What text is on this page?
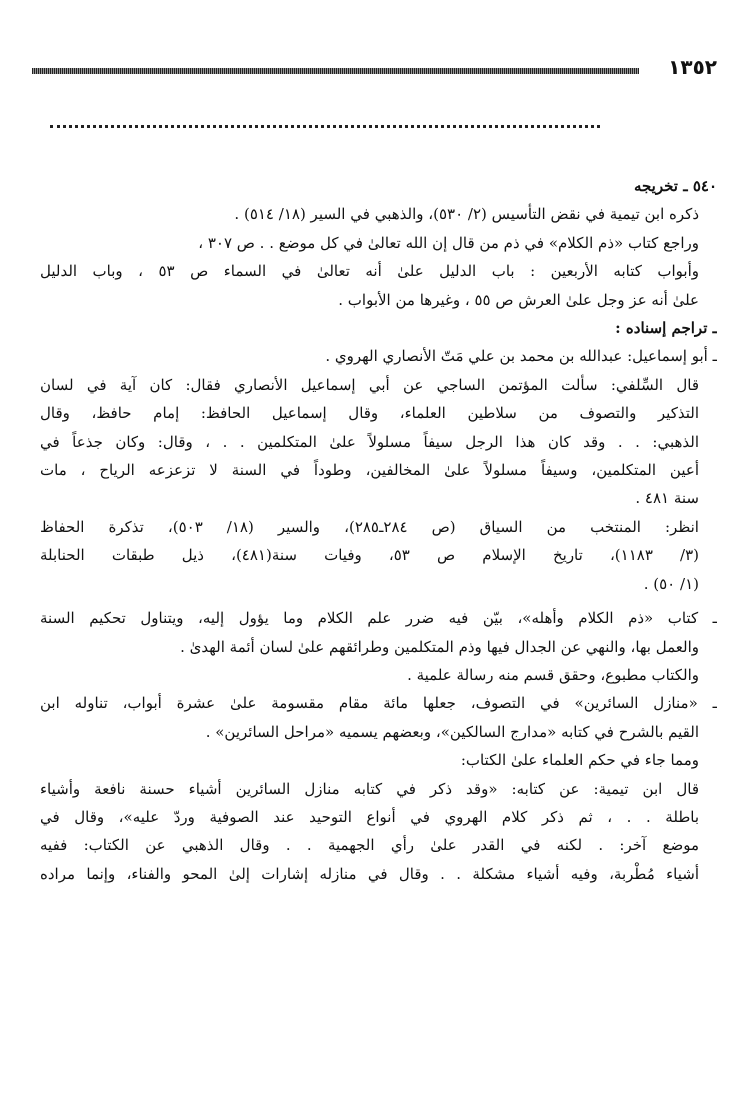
١٣٥٢
٥٤٠ ـ تخريجه
ذكره ابن تيمية في نقض التأسيس (٢/ ٥٣٠)، والذهبي في السير (١٨/ ٥١٤) .
وراجع كتاب «ذم الكلام» في ذم من قال إن الله تعالىٰ في كل موضع . . ص ٣٠٧ ،
وأبواب كتابه الأربعين : باب الدليل علىٰ أنه تعالىٰ في السماء ص ٥٣ ، وباب الدليل
علىٰ أنه عز وجل علىٰ العرش ص ٥٥ ، وغيرها من الأبواب .
ـ تراجم إسناده :
ـ أبو إسماعيل: عبدالله بن محمد بن علي مَتّ الأنصاري الهروي .
قال السِّلفي: سألت المؤتمن الساجي عن أبي إسماعيل الأنصاري فقال: كان آية في لسان
التذكير والتصوف من سلاطين العلماء، وقال إسماعيل الحافظ: إمام حافظ، وقال
الذهبي: . . وقد كان هذا الرجل سيفاً مسلولاً علىٰ المتكلمين . . ، وقال: وكان جذعاً في
أعين المتكلمين، وسيفاً مسلولاً علىٰ المخالفين، وطوداً في السنة لا تزعزعه الرياح ، مات
سنة ٤٨١ .
انظر: المنتخب من السياق (ص ٢٨٤ـ٢٨٥)، والسير (١٨/ ٥٠٣)، تذكرة الحفاظ
(٣/ ١١٨٣)، تاريخ الإسلام ص ٥٣، وفيات سنة(٤٨١)، ذيل طبقات الحنابلة
(١/ ٥٠) .
ـ كتاب «ذم الكلام وأهله»، بيّن فيه ضرر علم الكلام وما يؤول إليه، ويتناول تحكيم السنة
والعمل بها، والنهي عن الجدال فيها وذم المتكلمين وطرائقهم علىٰ لسان أئمة الهدىٰ .
والكتاب مطبوع، وحقق قسم منه رسالة علمية .
ـ «منازل السائرين» في التصوف، جعلها مائة مقام مقسومة علىٰ عشرة أبواب، تناوله ابن
القيم بالشرح في كتابه «مدارج السالكين»، وبعضهم يسميه «مراحل السائرين» .
ومما جاء في حكم العلماء علىٰ الكتاب:
قال ابن تيمية: عن كتابه: «وقد ذكر في كتابه منازل السائرين أشياء حسنة نافعة وأشياء
باطلة . . ، ثم ذكر كلام الهروي في أنواع التوحيد عند الصوفية وردّ عليه»، وقال في
موضع آخر: . لكنه في القدر علىٰ رأي الجهمية . . وقال الذهبي عن الكتاب: ففيه
أشياء مُطْربة، وفيه أشياء مشكلة . . وقال في منازله إشارات إلىٰ المحو والفناء، وإنما مراده
